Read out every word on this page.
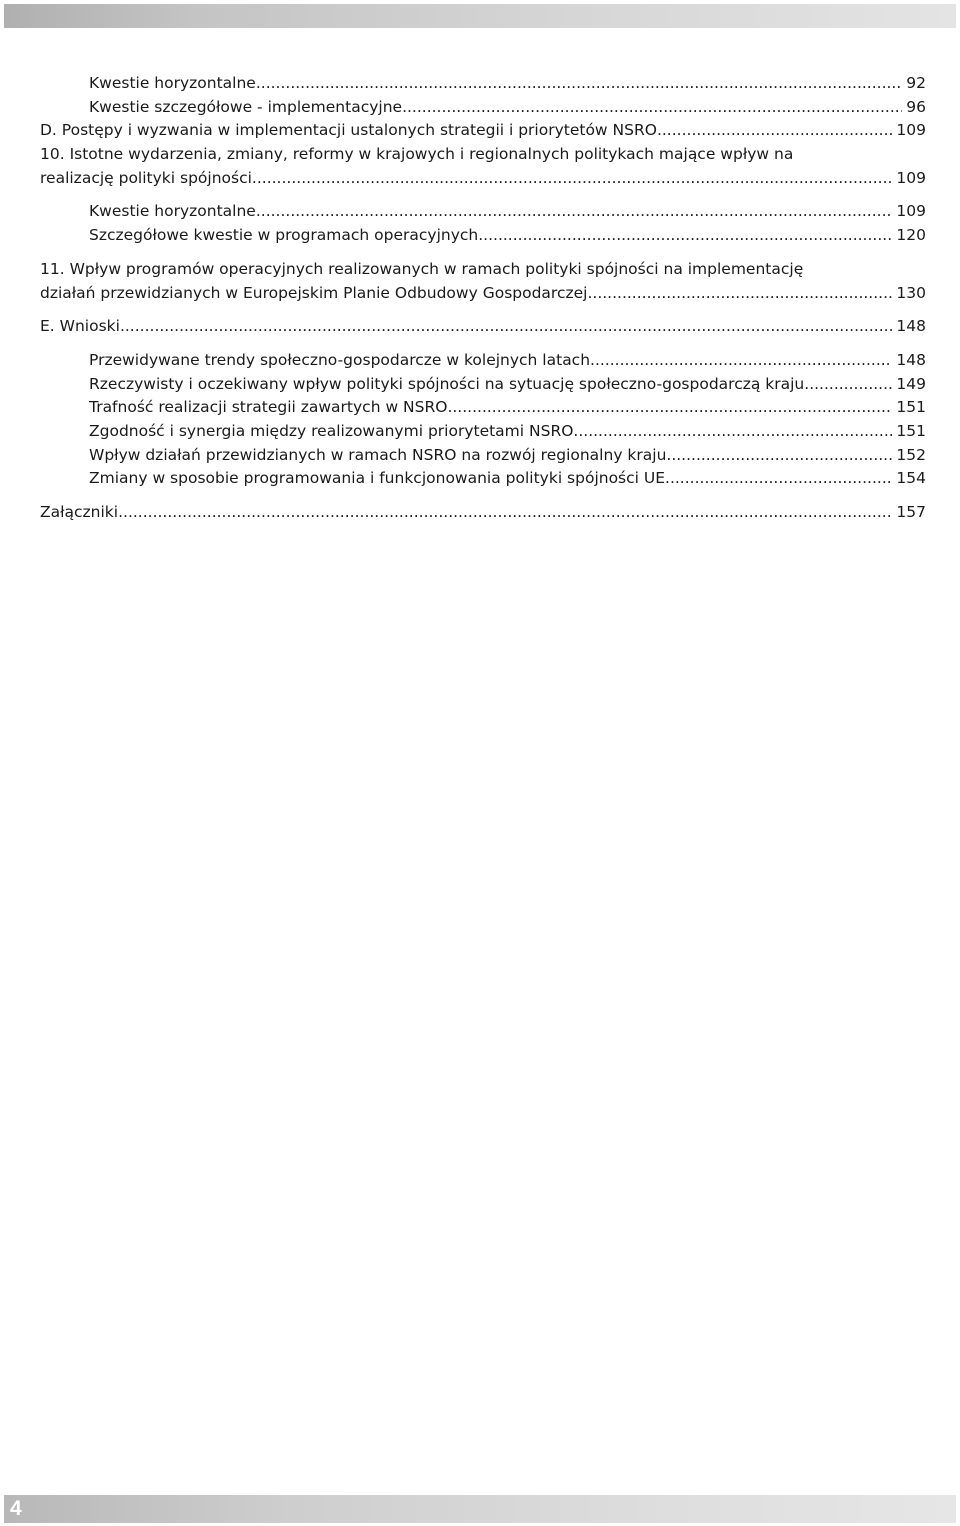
Kwestie horyzontalne .....	92
Kwestie szczegółowe - implementacyjne .....	96
D. Postępy i wyzwania w implementacji ustalonych strategii i priorytetów NSRO .....	109
10. Istotne wydarzenia, zmiany, reformy w krajowych i regionalnych politykach mające wpływ na
realizację polityki spójności .....	109
Kwestie horyzontalne .....	109
Szczegółowe kwestie w programach operacyjnych .....	120
11. Wpływ programów operacyjnych realizowanych w ramach polityki spójności na implementację
działań przewidzianych w Europejskim Planie Odbudowy Gospodarczej .....	130
E. Wnioski .....	148
Przewidywane trendy społeczno-gospodarcze w kolejnych latach .....	148
Rzeczywisty i oczekiwany wpływ polityki spójności na sytuację społeczno-gospodarczą kraju .....	149
Trafność realizacji strategii zawartych w NSRO .....	151
Zgodność i synergia między realizowanymi priorytetami NSRO .....	151
Wpływ działań przewidzianych w ramach NSRO na rozwój regionalny kraju .....	152
Zmiany w sposobie programowania i funkcjonowania polityki spójności UE .....	154
Załączniki .....	157
4
